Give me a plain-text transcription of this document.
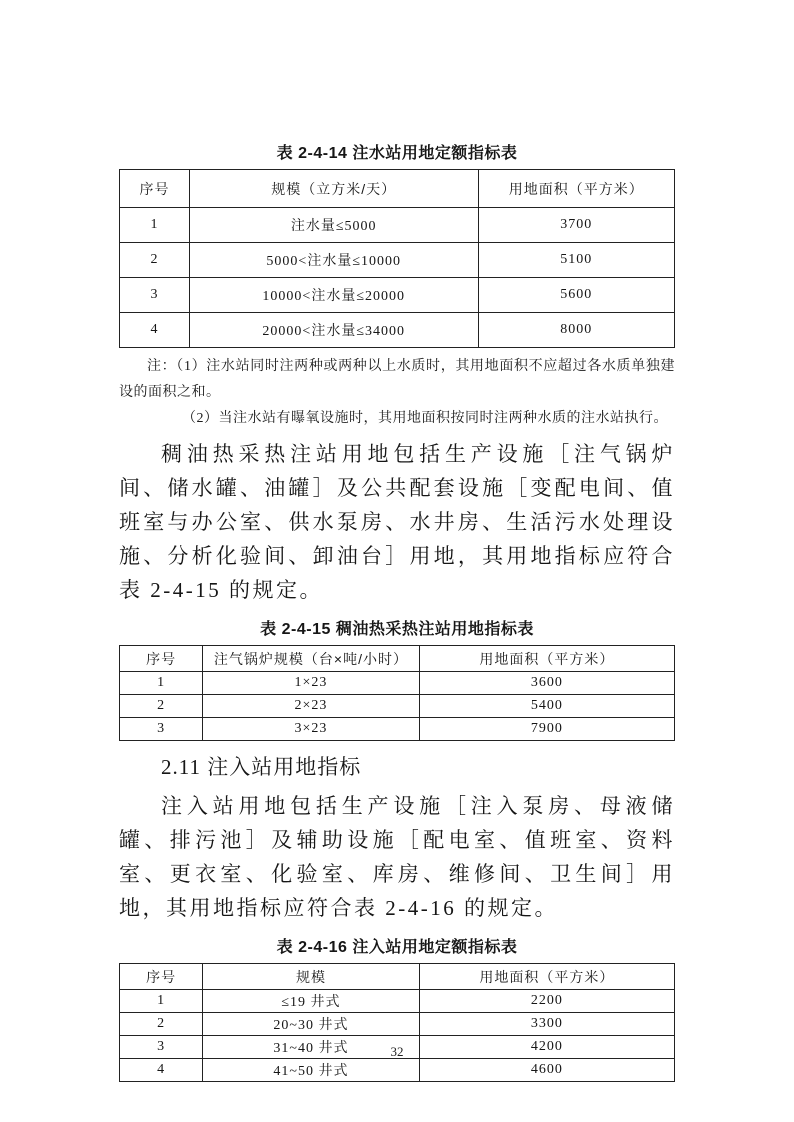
表 2-4-14 注水站用地定额指标表
序号	规模（立方米/天）	用地面积（平方米）
1	注水量≤5000	3700
2	5000<注水量≤10000	5100
3	10000<注水量≤20000	5600
4	20000<注水量≤34000	8000
注：（1）注水站同时注两种或两种以上水质时，其用地面积不应超过各水质单独建设的面积之和。
（2）当注水站有曝氧设施时，其用地面积按同时注两种水质的注水站执行。

稠油热采热注站用地包括生产设施［注气锅炉间、储水罐、油罐］及公共配套设施［变配电间、值班室与办公室、供水泵房、水井房、生活污水处理设施、分析化验间、卸油台］用地，其用地指标应符合表 2-4-15 的规定。

表 2-4-15 稠油热采热注站用地指标表
序号	注气锅炉规模（台×吨/小时）	用地面积（平方米）
1	1×23	3600
2	2×23	5400
3	3×23	7900
2.11 注入站用地指标

注入站用地包括生产设施［注入泵房、母液储罐、排污池］及辅助设施［配电室、值班室、资料室、更衣室、化验室、库房、维修间、卫生间］用地，其用地指标应符合表 2-4-16 的规定。

表 2-4-16 注入站用地定额指标表
序号	规模	用地面积（平方米）
1	≤19 井式	2200
2	20~30 井式	3300
3	31~40 井式	4200
4	41~50 井式	4600
32
